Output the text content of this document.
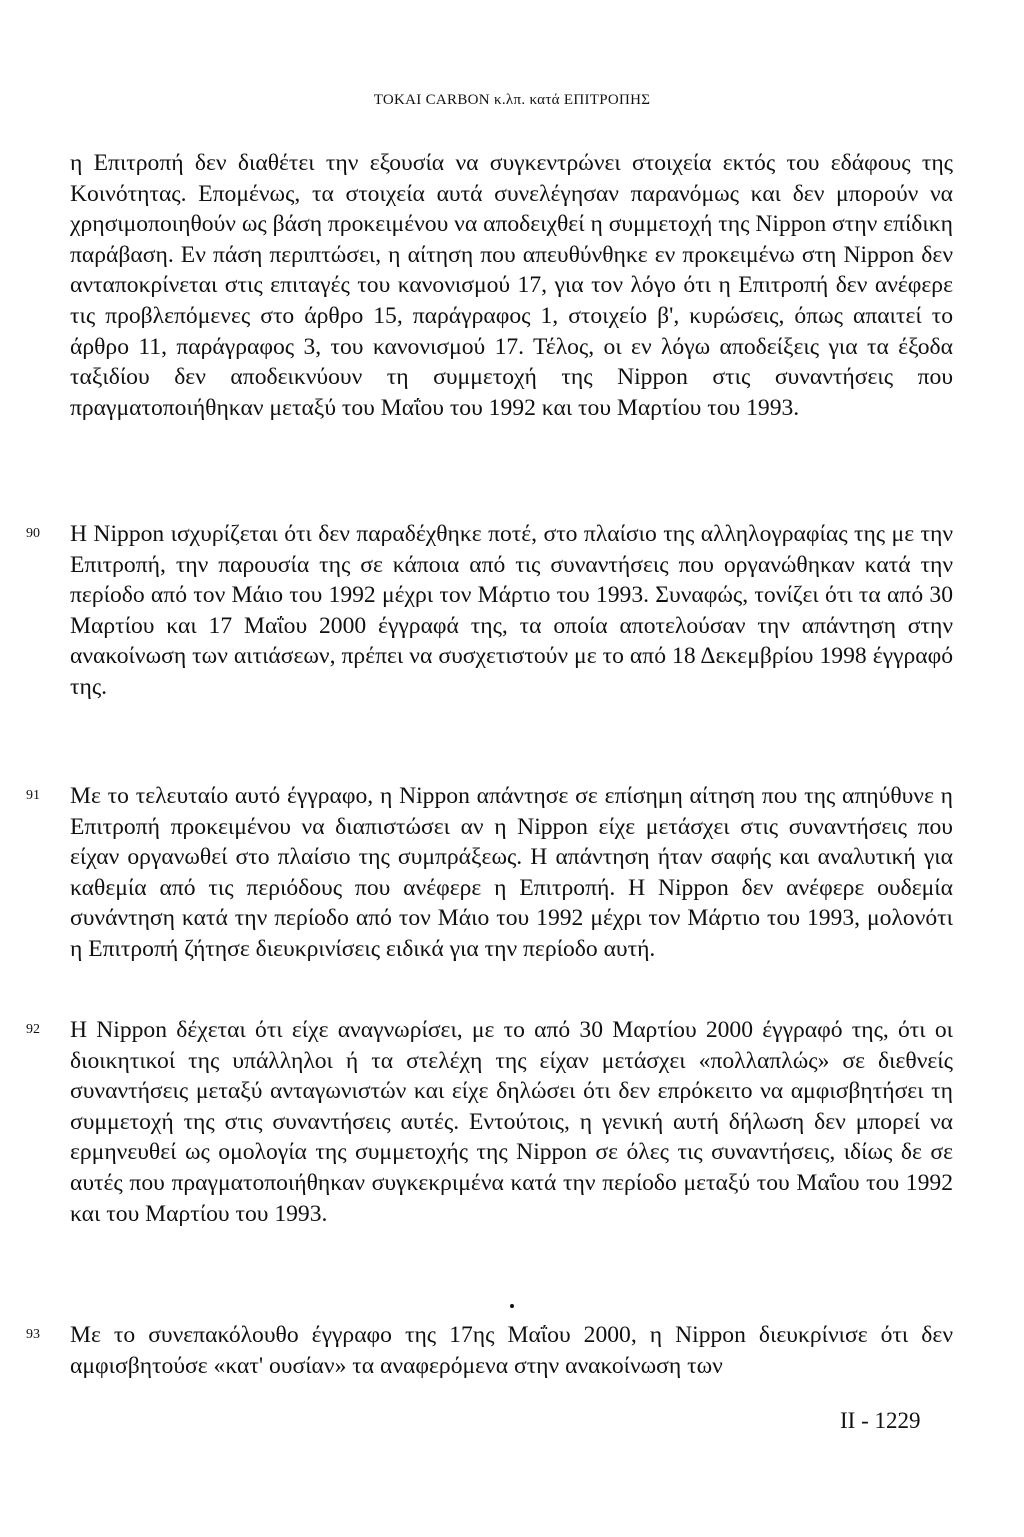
TOKAI CARBON κ.λπ. κατά ΕΠΙΤΡΟΠΗΣ
η Επιτροπή δεν διαθέτει την εξουσία να συγκεντρώνει στοιχεία εκτός του εδάφους της Κοινότητας. Επομένως, τα στοιχεία αυτά συνελέγησαν παρανόμως και δεν μπορούν να χρησιμοποιηθούν ως βάση προκειμένου να αποδειχθεί η συμμετοχή της Nippon στην επίδικη παράβαση. Εν πάση περιπτώσει, η αίτηση που απευθύνθηκε εν προκειμένω στη Nippon δεν ανταποκρίνεται στις επιταγές του κανονισμού 17, για τον λόγο ότι η Επιτροπή δεν ανέφερε τις προβλεπόμενες στο άρθρο 15, παράγραφος 1, στοιχείο β', κυρώσεις, όπως απαιτεί το άρθρο 11, παράγραφος 3, του κανονισμού 17. Τέλος, οι εν λόγω αποδείξεις για τα έξοδα ταξιδίου δεν αποδεικνύουν τη συμμετοχή της Nippon στις συναντήσεις που πραγματοποιήθηκαν μεταξύ του Μαΐου του 1992 και του Μαρτίου του 1993.
90 Η Nippon ισχυρίζεται ότι δεν παραδέχθηκε ποτέ, στο πλαίσιο της αλληλογραφίας της με την Επιτροπή, την παρουσία της σε κάποια από τις συναντήσεις που οργανώθηκαν κατά την περίοδο από τον Μάιο του 1992 μέχρι τον Μάρτιο του 1993. Συναφώς, τονίζει ότι τα από 30 Μαρτίου και 17 Μαΐου 2000 έγγραφά της, τα οποία αποτελούσαν την απάντηση στην ανακοίνωση των αιτιάσεων, πρέπει να συσχετιστούν με το από 18 Δεκεμβρίου 1998 έγγραφό της.
91 Με το τελευταίο αυτό έγγραφο, η Nippon απάντησε σε επίσημη αίτηση που της απηύθυνε η Επιτροπή προκειμένου να διαπιστώσει αν η Nippon είχε μετάσχει στις συναντήσεις που είχαν οργανωθεί στο πλαίσιο της συμπράξεως. Η απάντηση ήταν σαφής και αναλυτική για καθεμία από τις περιόδους που ανέφερε η Επιτροπή. Η Nippon δεν ανέφερε ουδεμία συνάντηση κατά την περίοδο από τον Μάιο του 1992 μέχρι τον Μάρτιο του 1993, μολονότι η Επιτροπή ζήτησε διευκρινίσεις ειδικά για την περίοδο αυτή.
92 Η Nippon δέχεται ότι είχε αναγνωρίσει, με το από 30 Μαρτίου 2000 έγγραφό της, ότι οι διοικητικοί της υπάλληλοι ή τα στελέχη της είχαν μετάσχει «πολλαπλώς» σε διεθνείς συναντήσεις μεταξύ ανταγωνιστών και είχε δηλώσει ότι δεν επρόκειτο να αμφισβητήσει τη συμμετοχή της στις συναντήσεις αυτές. Εντούτοις, η γενική αυτή δήλωση δεν μπορεί να ερμηνευθεί ως ομολογία της συμμετοχής της Nippon σε όλες τις συναντήσεις, ιδίως δε σε αυτές που πραγματοποιήθηκαν συγκεκριμένα κατά την περίοδο μεταξύ του Μαΐου του 1992 και του Μαρτίου του 1993.
93 Με το συνεπακόλουθο έγγραφο της 17ης Μαΐου 2000, η Nippon διευκρίνισε ότι δεν αμφισβητούσε «κατ' ουσίαν» τα αναφερόμενα στην ανακοίνωση των
II - 1229
